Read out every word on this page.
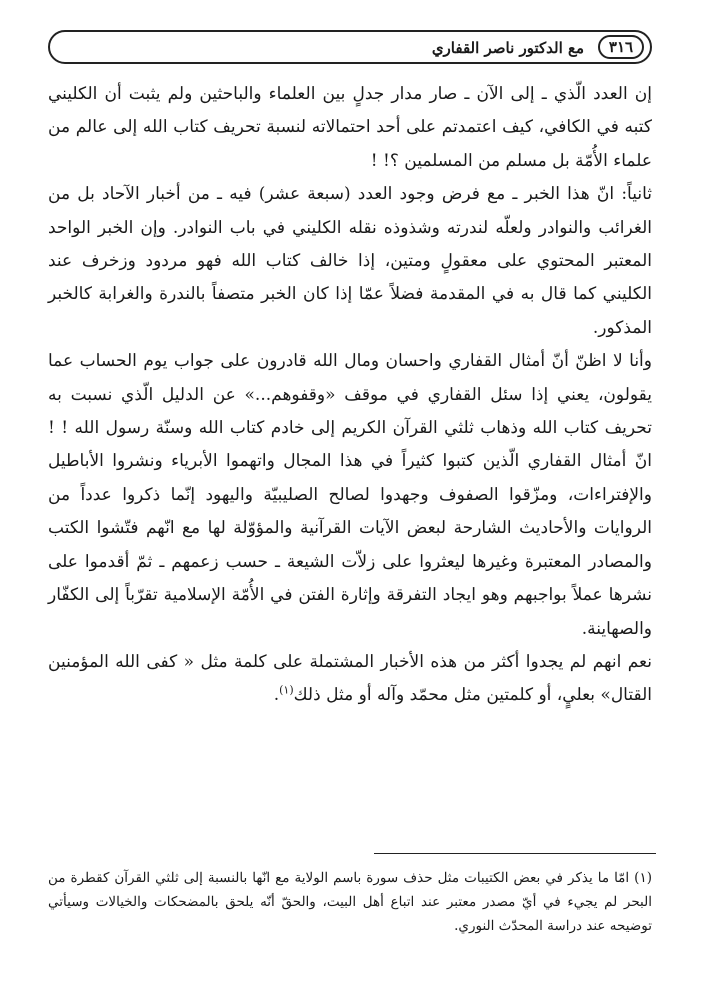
٣١٦
مع الدكتور ناصر القفاري

إن العدد الّذي ـ إلى الآن ـ صار مدار جدلٍ بين العلماء والباحثين ولم يثبت أن الكليني كتبه في الكافي، كيف اعتمدتم على أحد احتمالاته لنسبة تحريف كتاب الله إلى عالم من علماء الأُمّة بل مسلم من المسلمين ؟! !

ثانياً: انّ هذا الخبر ـ مع فرض وجود العدد (سبعة عشر) فيه ـ من أخبار الآحاد بل من الغرائب والنوادر ولعلّه لندرته وشذوذه نقله الكليني في باب النوادر. وإن الخبر الواحد المعتبر المحتوي على معقولٍ ومتين، إذا خالف كتاب الله فهو مردود وزخرف عند الكليني كما قال به في المقدمة فضلاً عمّا إذا كان الخبر متصفاً بالندرة والغرابة كالخبر المذكور.

وأنا لا اظنّ أنّ أمثال القفاري واحسان ومال الله قادرون على جواب يوم الحساب عما يقولون، يعني إذا سئل القفاري في موقف «وقفوهم...» عن الدليل الّذي نسبت به تحريف كتاب الله وذهاب ثلثي القرآن الكريم إلى خادم كتاب الله وسنّة رسول الله ! ! انّ أمثال القفاري الّذين كتبوا كثيراً في هذا المجال واتهموا الأبرياء ونشروا الأباطيل والإفتراءات، ومزّقوا الصفوف وجهدوا لصالح الصليبيّة واليهود إنّما ذكروا عدداً من الروايات والأحاديث الشارحة لبعض الآيات القرآنية والمؤوّلة لها مع انّهم فتّشوا الكتب والمصادر المعتبرة وغيرها ليعثروا على زلاّت الشيعة ـ حسب زعمهم ـ ثمّ أقدموا على نشرها عملاً بواجبهم وهو ايجاد التفرقة وإثارة الفتن في الأُمّة الإسلامية تقرّباً إلى الكفّار والصهاينة.

نعم انهم لم يجدوا أكثر من هذه الأخبار المشتملة على كلمة مثل « كفى الله المؤمنين القتال» بعليٍ، أو كلمتين مثل محمّد وآله أو مثل ذلك$^{(١)}$.

(١) امّا ما يذكر في بعض الكتيبات مثل حذف سورة باسم الولاية مع انّها بالنسبة إلى ثلثي القرآن كقطرة من البحر لم يجيء في أيّ مصدر معتبر عند اتباع أهل البيت، والحقّ أنّه يلحق بالمضحكات والخيالات وسيأتي توضيحه عند دراسة المحدّث النوري.
